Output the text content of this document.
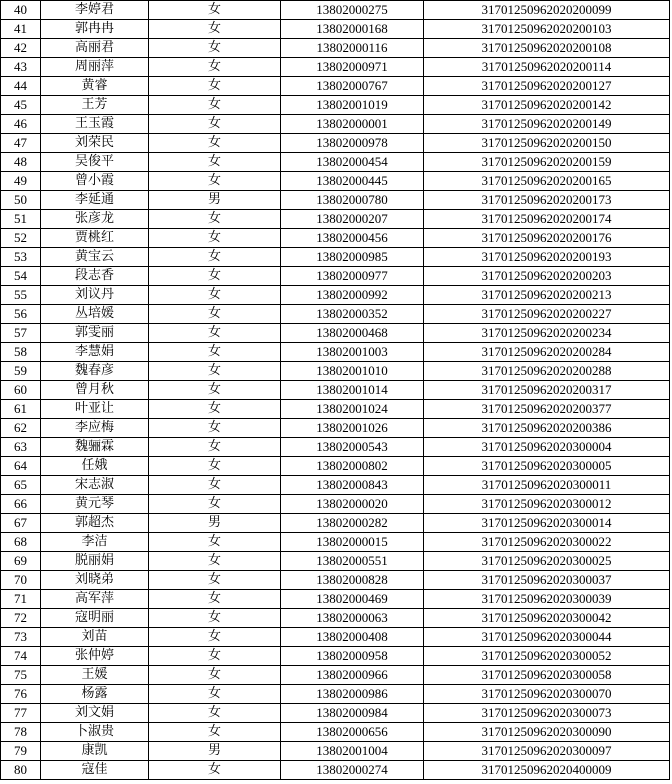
40	李婷君	女	13802000275	31701250962020200099
41	郭冉冉	女	13802000168	31701250962020200103
42	高丽君	女	13802000116	31701250962020200108
43	周丽萍	女	13802000971	31701250962020200114
44	黄睿	女	13802000767	31701250962020200127
45	王芳	女	13802001019	31701250962020200142
46	王玉霞	女	13802000001	31701250962020200149
47	刘荣民	女	13802000978	31701250962020200150
48	吴俊平	女	13802000454	31701250962020200159
49	曾小霞	女	13802000445	31701250962020200165
50	李延通	男	13802000780	31701250962020200173
51	张彦龙	女	13802000207	31701250962020200174
52	贾桃红	女	13802000456	31701250962020200176
53	黄宝云	女	13802000985	31701250962020200193
54	段志香	女	13802000977	31701250962020200203
55	刘议丹	女	13802000992	31701250962020200213
56	丛培媛	女	13802000352	31701250962020200227
57	郭雯丽	女	13802000468	31701250962020200234
58	李慧娟	女	13802001003	31701250962020200284
59	魏春彦	女	13802001010	31701250962020200288
60	曾月秋	女	13802001014	31701250962020200317
61	叶亚让	女	13802001024	31701250962020200377
62	李应梅	女	13802001026	31701250962020200386
63	魏骊霖	女	13802000543	31701250962020300004
64	任娥	女	13802000802	31701250962020300005
65	宋志淑	女	13802000843	31701250962020300011
66	黄元琴	女	13802000020	31701250962020300012
67	郭超杰	男	13802000282	31701250962020300014
68	李洁	女	13802000015	31701250962020300022
69	脱丽娟	女	13802000551	31701250962020300025
70	刘晓弟	女	13802000828	31701250962020300037
71	高军萍	女	13802000469	31701250962020300039
72	寇明丽	女	13802000063	31701250962020300042
73	刘苗	女	13802000408	31701250962020300044
74	张仲婷	女	13802000958	31701250962020300052
75	王媛	女	13802000966	31701250962020300058
76	杨露	女	13802000986	31701250962020300070
77	刘文娟	女	13802000984	31701250962020300073
78	卜淑贵	女	13802000656	31701250962020300090
79	康凯	男	13802001004	31701250962020300097
80	寇佳	女	13802000274	31701250962020400009
